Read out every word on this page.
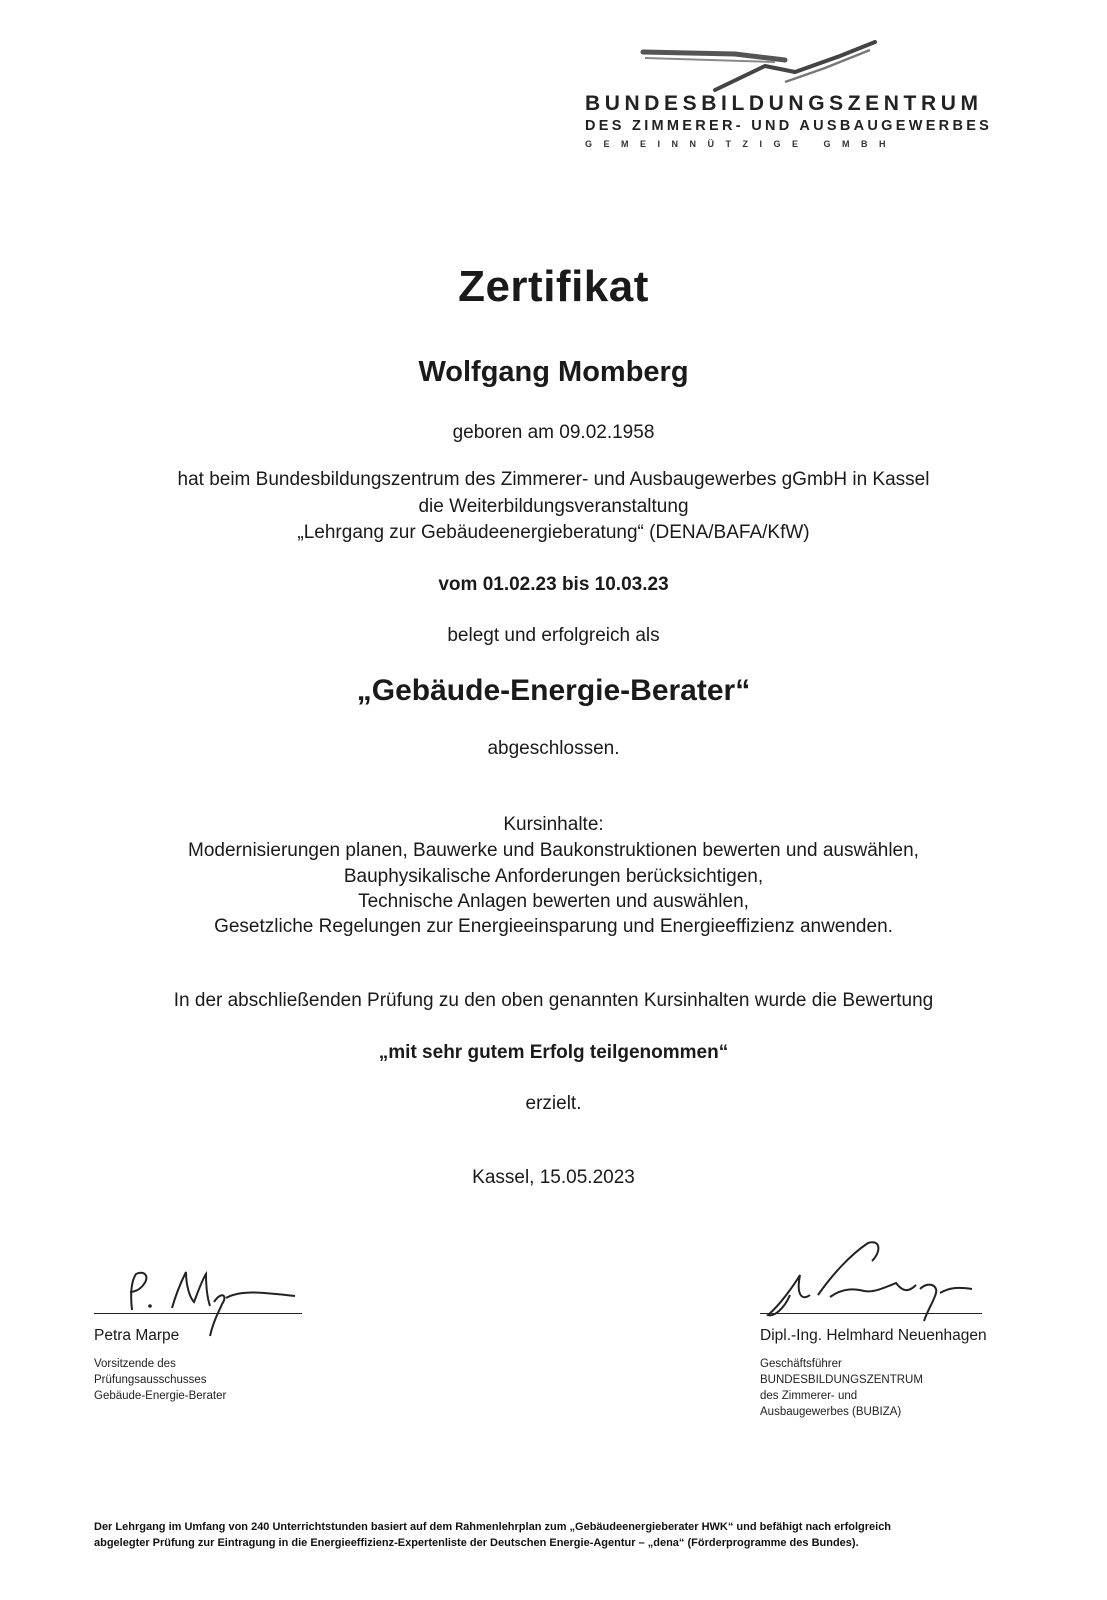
BUNDESBILDUNGSZENTRUM
DES ZIMMERER- UND AUSBAUGEWERBES
GEMEINNÜTZIGE GMBH
Zertifikat
Wolfgang Momberg
geboren am 09.02.1958
hat beim Bundesbildungszentrum des Zimmerer- und Ausbaugewerbes gGmbH in Kassel
die Weiterbildungsveranstaltung
„Lehrgang zur Gebäudeenergieberatung“ (DENA/BAFA/KfW)
vom 01.02.23 bis 10.03.23
belegt und erfolgreich als
„Gebäude-Energie-Berater“
abgeschlossen.
Kursinhalte:
Modernisierungen planen, Bauwerke und Baukonstruktionen bewerten und auswählen,
Bauphysikalische Anforderungen berücksichtigen,
Technische Anlagen bewerten und auswählen,
Gesetzliche Regelungen zur Energieeinsparung und Energieeffizienz anwenden.
In der abschließenden Prüfung zu den oben genannten Kursinhalten wurde die Bewertung
„mit sehr gutem Erfolg teilgenommen“
erzielt.
Kassel, 15.05.2023
Petra Marpe
Vorsitzende des
Prüfungsausschusses
Gebäude-Energie-Berater
Dipl.-Ing. Helmhard Neuenhagen
Geschäftsführer
BUNDESBILDUNGSZENTRUM
des Zimmerer- und
Ausbaugewerbes (BUBIZA)
Der Lehrgang im Umfang von 240 Unterrichtstunden basiert auf dem Rahmenlehrplan zum „Gebäudeenergieberater HWK“ und befähigt nach erfolgreich
abgelegter Prüfung zur Eintragung in die Energieeffizienz-Expertenliste der Deutschen Energie-Agentur – „dena“ (Förderprogramme des Bundes).
